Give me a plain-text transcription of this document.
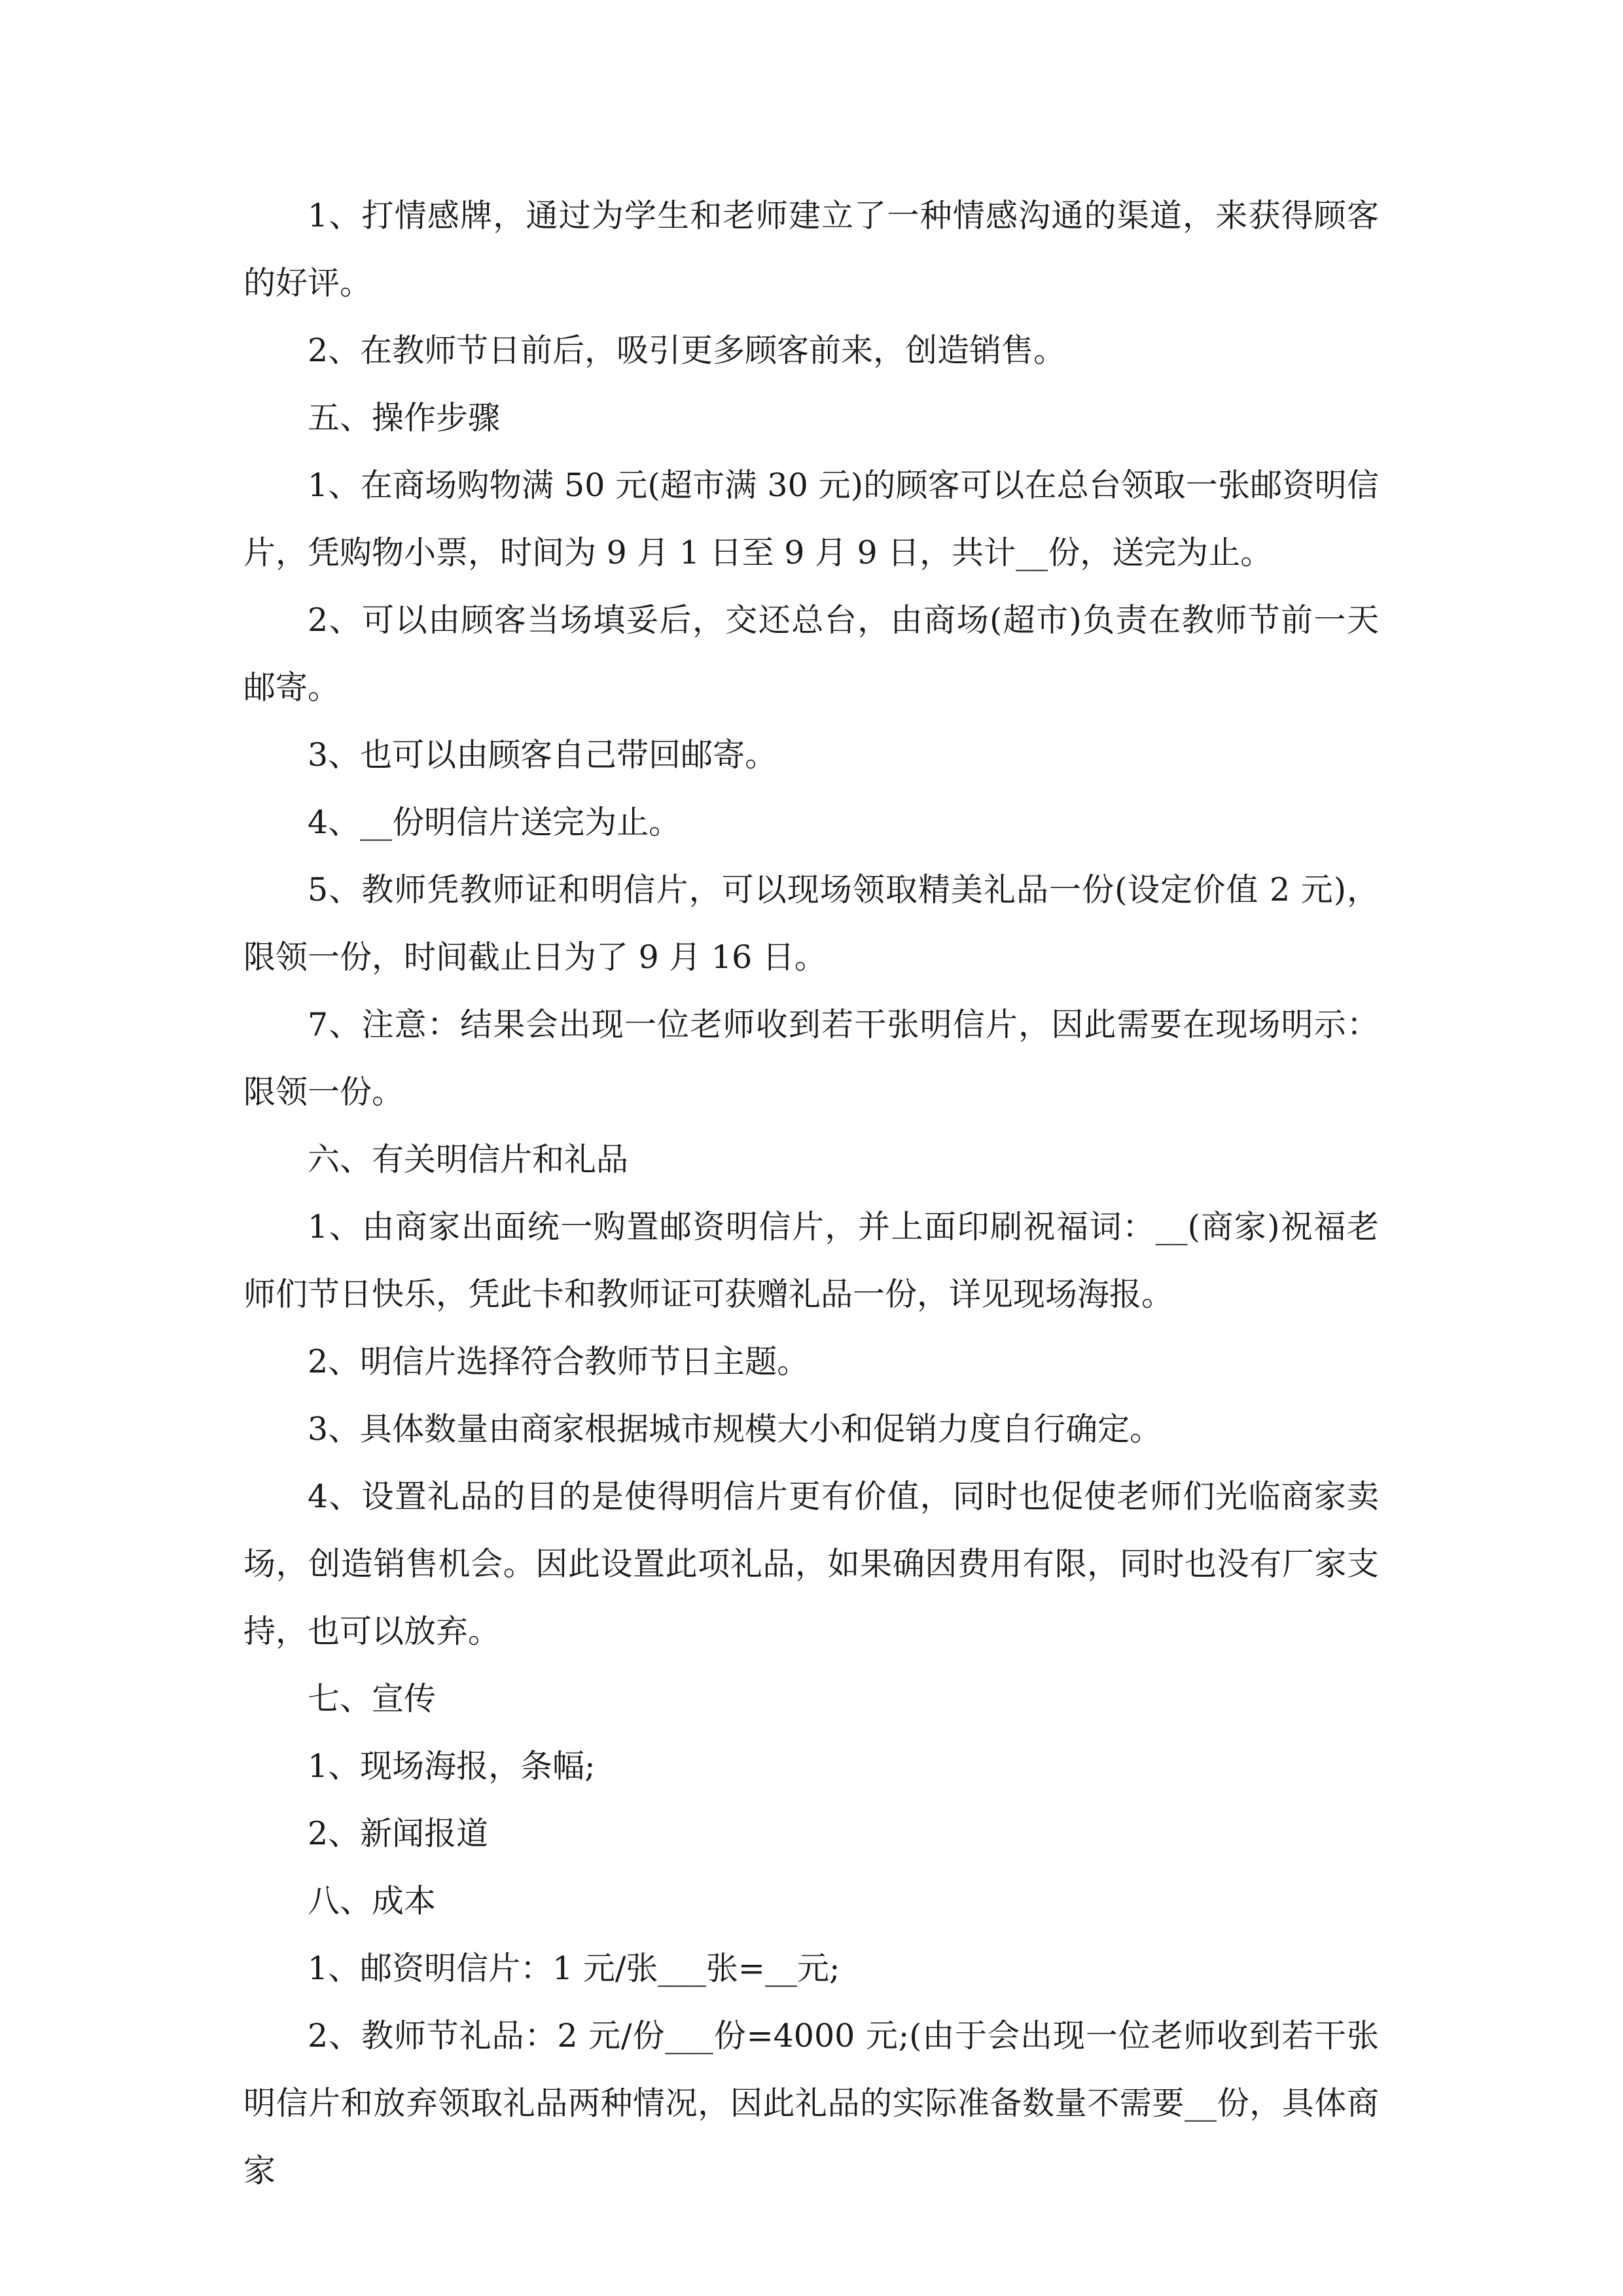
1、打情感牌，通过为学生和老师建立了一种情感沟通的渠道，来获得顾客的好评。

2、在教师节日前后，吸引更多顾客前来，创造销售。

五、操作步骤

1、在商场购物满 50 元(超市满 30 元)的顾客可以在总台领取一张邮资明信片，凭购物小票，时间为 9 月 1 日至 9 月 9 日，共计__份，送完为止。

2、可以由顾客当场填妥后，交还总台，由商场(超市)负责在教师节前一天邮寄。

3、也可以由顾客自己带回邮寄。

4、__份明信片送完为止。

5、教师凭教师证和明信片，可以现场领取精美礼品一份(设定价值 2 元)，限领一份，时间截止日为了 9 月 16 日。

7、注意：结果会出现一位老师收到若干张明信片，因此需要在现场明示：限领一份。

六、有关明信片和礼品

1、由商家出面统一购置邮资明信片，并上面印刷祝福词：__(商家)祝福老师们节日快乐，凭此卡和教师证可获赠礼品一份，详见现场海报。

2、明信片选择符合教师节日主题。

3、具体数量由商家根据城市规模大小和促销力度自行确定。

4、设置礼品的目的是使得明信片更有价值，同时也促使老师们光临商家卖场，创造销售机会。因此设置此项礼品，如果确因费用有限，同时也没有厂家支持，也可以放弃。

七、宣传

1、现场海报，条幅;

2、新闻报道

八、成本

1、邮资明信片：1 元/张___张=__元;

2、教师节礼品：2 元/份___份=4000 元;(由于会出现一位老师收到若干张明信片和放弃领取礼品两种情况，因此礼品的实际准备数量不需要__份，具体商家
